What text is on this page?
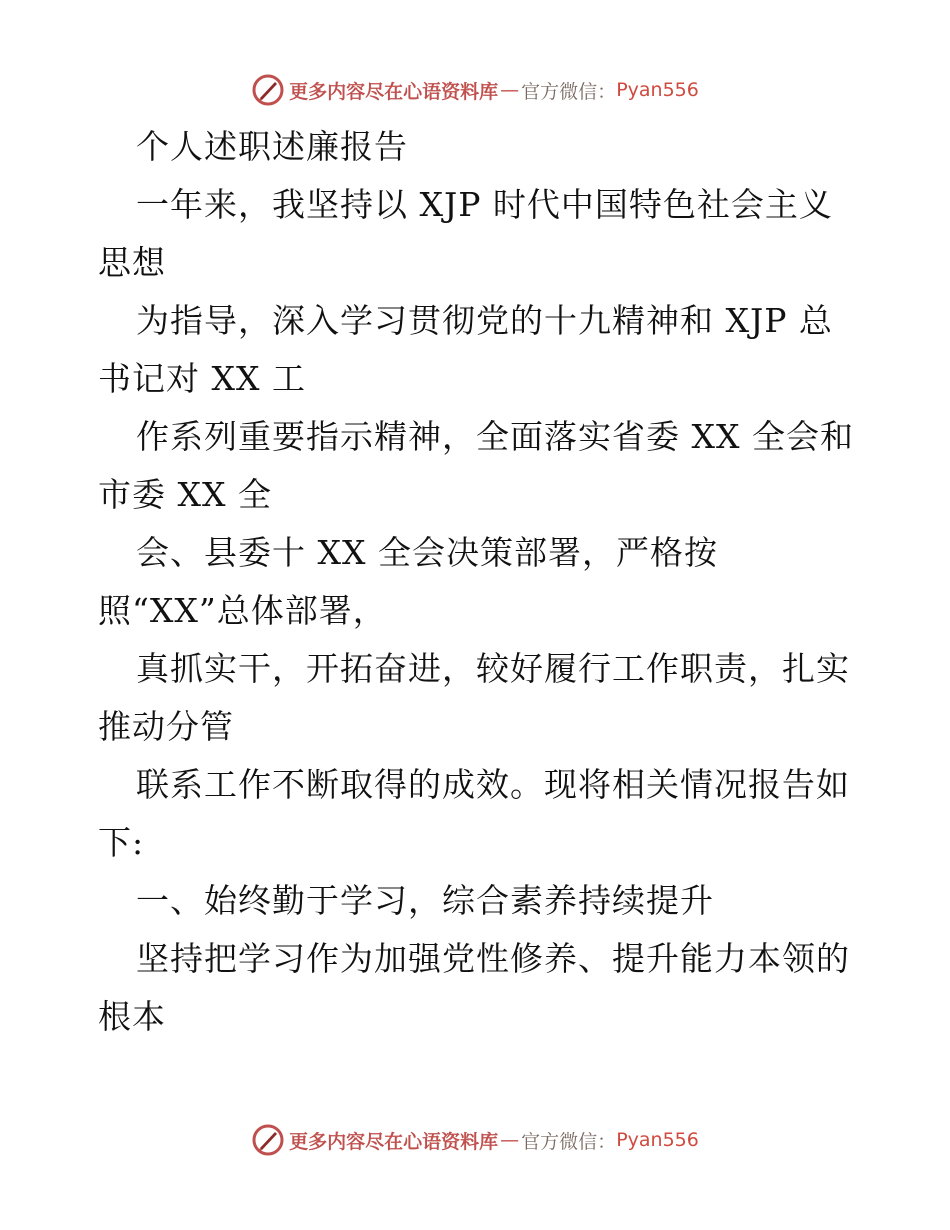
更多内容尽在心语资料库 — 官方微信： Pyan556
个人述职述廉报告
一年来，我坚持以 XJP 时代中国特色社会主义
思想
为指导，深入学习贯彻党的十九精神和 XJP 总
书记对 XX 工
作系列重要指示精神，全面落实省委 XX 全会和
市委 XX 全
会、县委十 XX 全会决策部署，严格按
照“XX”总体部署，
真抓实干，开拓奋进，较好履行工作职责，扎实
推动分管
联系工作不断取得的成效。现将相关情况报告如
下:
一、始终勤于学习，综合素养持续提升
坚持把学习作为加强党性修养、提升能力本领的
根本
更多内容尽在心语资料库 — 官方微信： Pyan556
